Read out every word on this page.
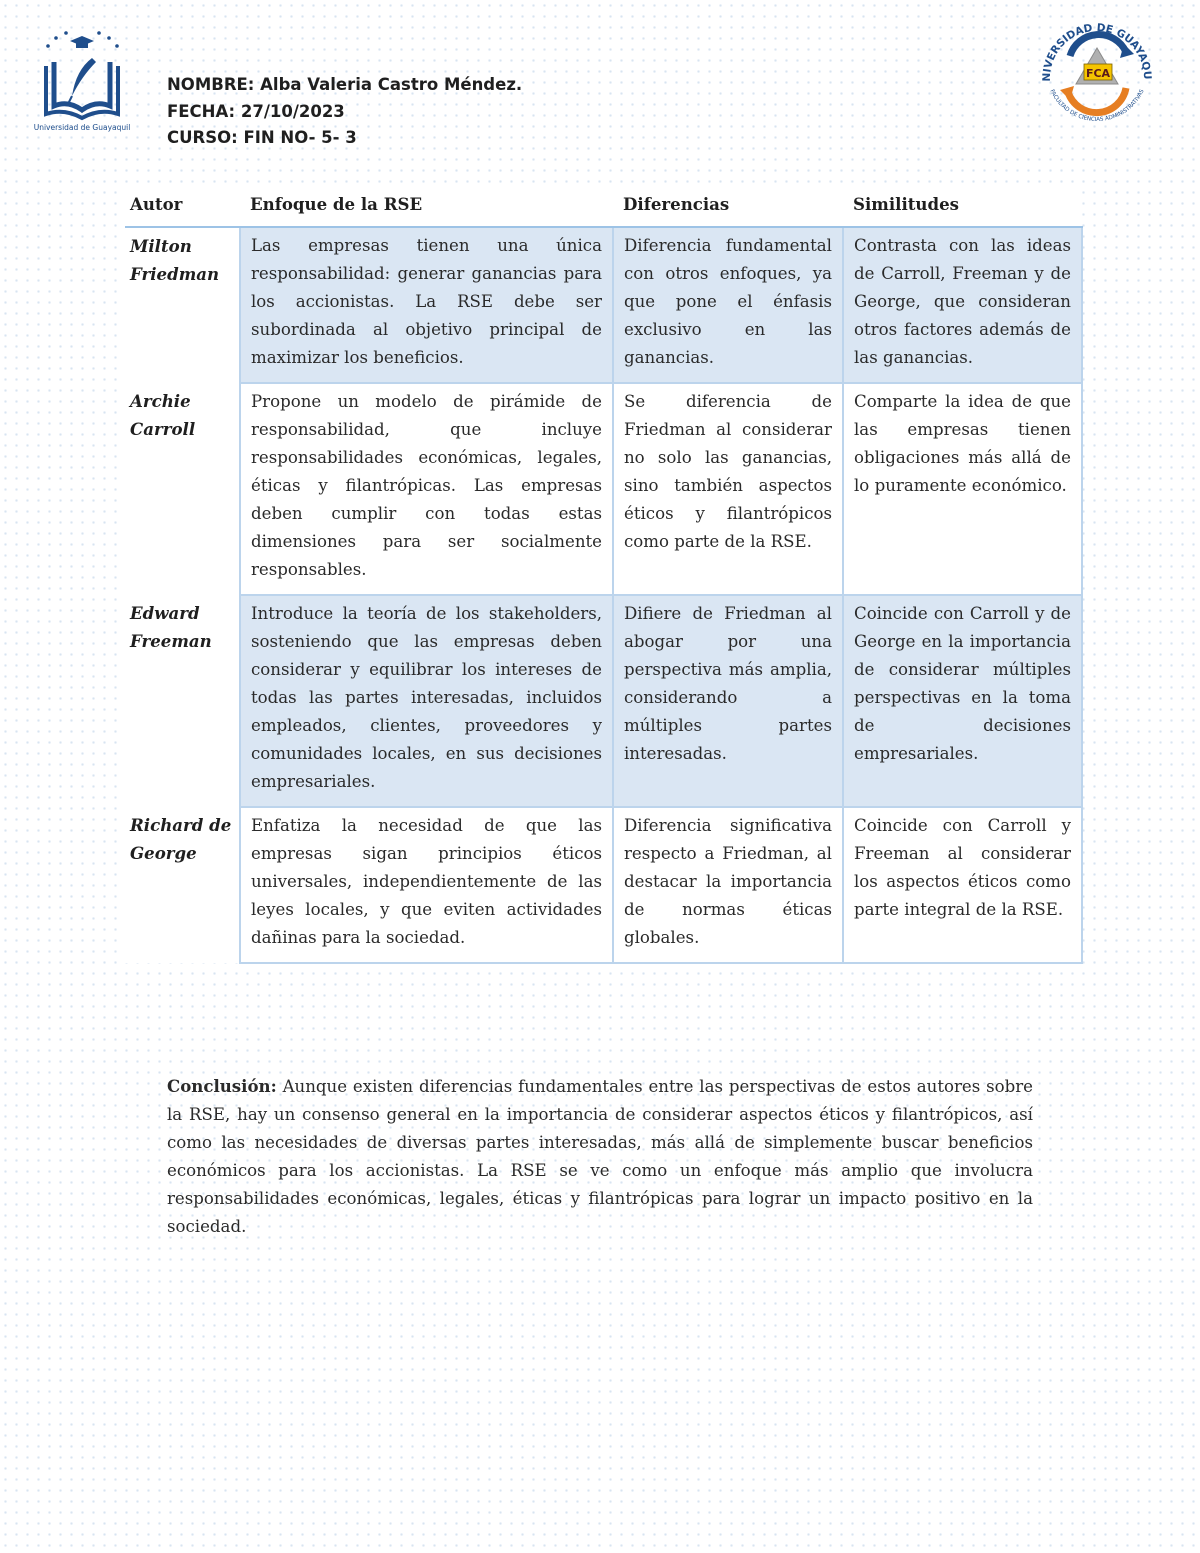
Universidad de Guayaquil
NIVERSIDAD DE GUAYAQU
FACULTAD DE CIENCIAS ADMINISTRATIVAS
FCA
NOMBRE: Alba Valeria Castro Méndez.
FECHA: 27/10/2023
CURSO: FIN NO- 5- 3
Autor	Enfoque de la RSE	Diferencias	Similitudes
Milton Friedman	Las empresas tienen una única responsabilidad: generar ganancias para los accionistas. La RSE debe ser subordinada al objetivo principal de maximizar los beneficios.	Diferencia fundamental con otros enfoques, ya que pone el énfasis exclusivo en las ganancias.	Contrasta con las ideas de Carroll, Freeman y de George, que consideran otros factores además de las ganancias.
Archie Carroll	Propone un modelo de pirámide de responsabilidad, que incluye responsabilidades económicas, legales, éticas y filantrópicas. Las empresas deben cumplir con todas estas dimensiones para ser socialmente responsables.	Se diferencia de Friedman al considerar no solo las ganancias, sino también aspectos éticos y filantrópicos como parte de la RSE.	Comparte la idea de que las empresas tienen obligaciones más allá de lo puramente económico.
Edward Freeman	Introduce la teoría de los stakeholders, sosteniendo que las empresas deben considerar y equilibrar los intereses de todas las partes interesadas, incluidos empleados, clientes, proveedores y comunidades locales, en sus decisiones empresariales.	Difiere de Friedman al abogar por una perspectiva más amplia, considerando a múltiples partes interesadas.	Coincide con Carroll y de George en la importancia de considerar múltiples perspectivas en la toma de decisiones empresariales.
Richard de George	Enfatiza la necesidad de que las empresas sigan principios éticos universales, independientemente de las leyes locales, y que eviten actividades dañinas para la sociedad.	Diferencia significativa respecto a Friedman, al destacar la importancia de normas éticas globales.	Coincide con Carroll y Freeman al considerar los aspectos éticos como parte integral de la RSE.
Conclusión: Aunque existen diferencias fundamentales entre las perspectivas de estos autores sobre la RSE, hay un consenso general en la importancia de considerar aspectos éticos y filantrópicos, así como las necesidades de diversas partes interesadas, más allá de simplemente buscar beneficios económicos para los accionistas. La RSE se ve como un enfoque más amplio que involucra responsabilidades económicas, legales, éticas y filantrópicas para lograr un impacto positivo en la sociedad.
